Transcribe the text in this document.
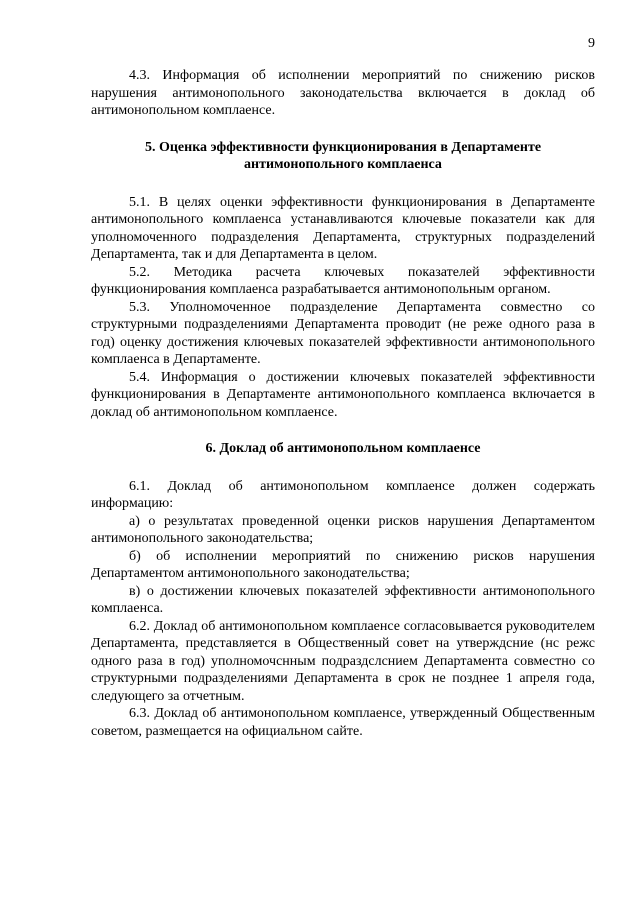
9

4.3. Информация об исполнении мероприятий по снижению рисков нарушения антимонопольного законодательства включается в доклад об антимонопольном комплаенсе.

5. Оценка эффективности функционирования в Департаменте антимонопольного комплаенса

5.1. В целях оценки эффективности функционирования в Департаменте антимонопольного комплаенса устанавливаются ключевые показатели как для уполномоченного подразделения Департамента, структурных подразделений Департамента, так и для Департамента в целом.

5.2. Методика расчета ключевых показателей эффективности функционирования комплаенса разрабатывается антимонопольным органом.

5.3. Уполномоченное подразделение Департамента совместно со структурными подразделениями Департамента проводит (не реже одного раза в год) оценку достижения ключевых показателей эффективности антимонопольного комплаенса в Департаменте.

5.4. Информация о достижении ключевых показателей эффективности функционирования в Департаменте антимонопольного комплаенса включается в доклад об антимонопольном комплаенсе.

6. Доклад об антимонопольном комплаенсе

6.1. Доклад об антимонопольном комплаенсе должен содержать информацию:

а) о результатах проведенной оценки рисков нарушения Департаментом антимонопольного законодательства;

б) об исполнении мероприятий по снижению рисков нарушения Департаментом антимонопольного законодательства;

в) о достижении ключевых показателей эффективности антимонопольного комплаенса.

6.2. Доклад об антимонопольном комплаенсе согласовывается руководителем Департамента, представляется в Общественный совет на утверждсние (нс режс одного раза в год) уполномочснным подраздслснием Департамента совместно со структурными подразделениями Департамента в срок не позднее 1 апреля года, следующего за отчетным.

6.3. Доклад об антимонопольном комплаенсе, утвержденный Общественным советом, размещается на официальном сайте.
